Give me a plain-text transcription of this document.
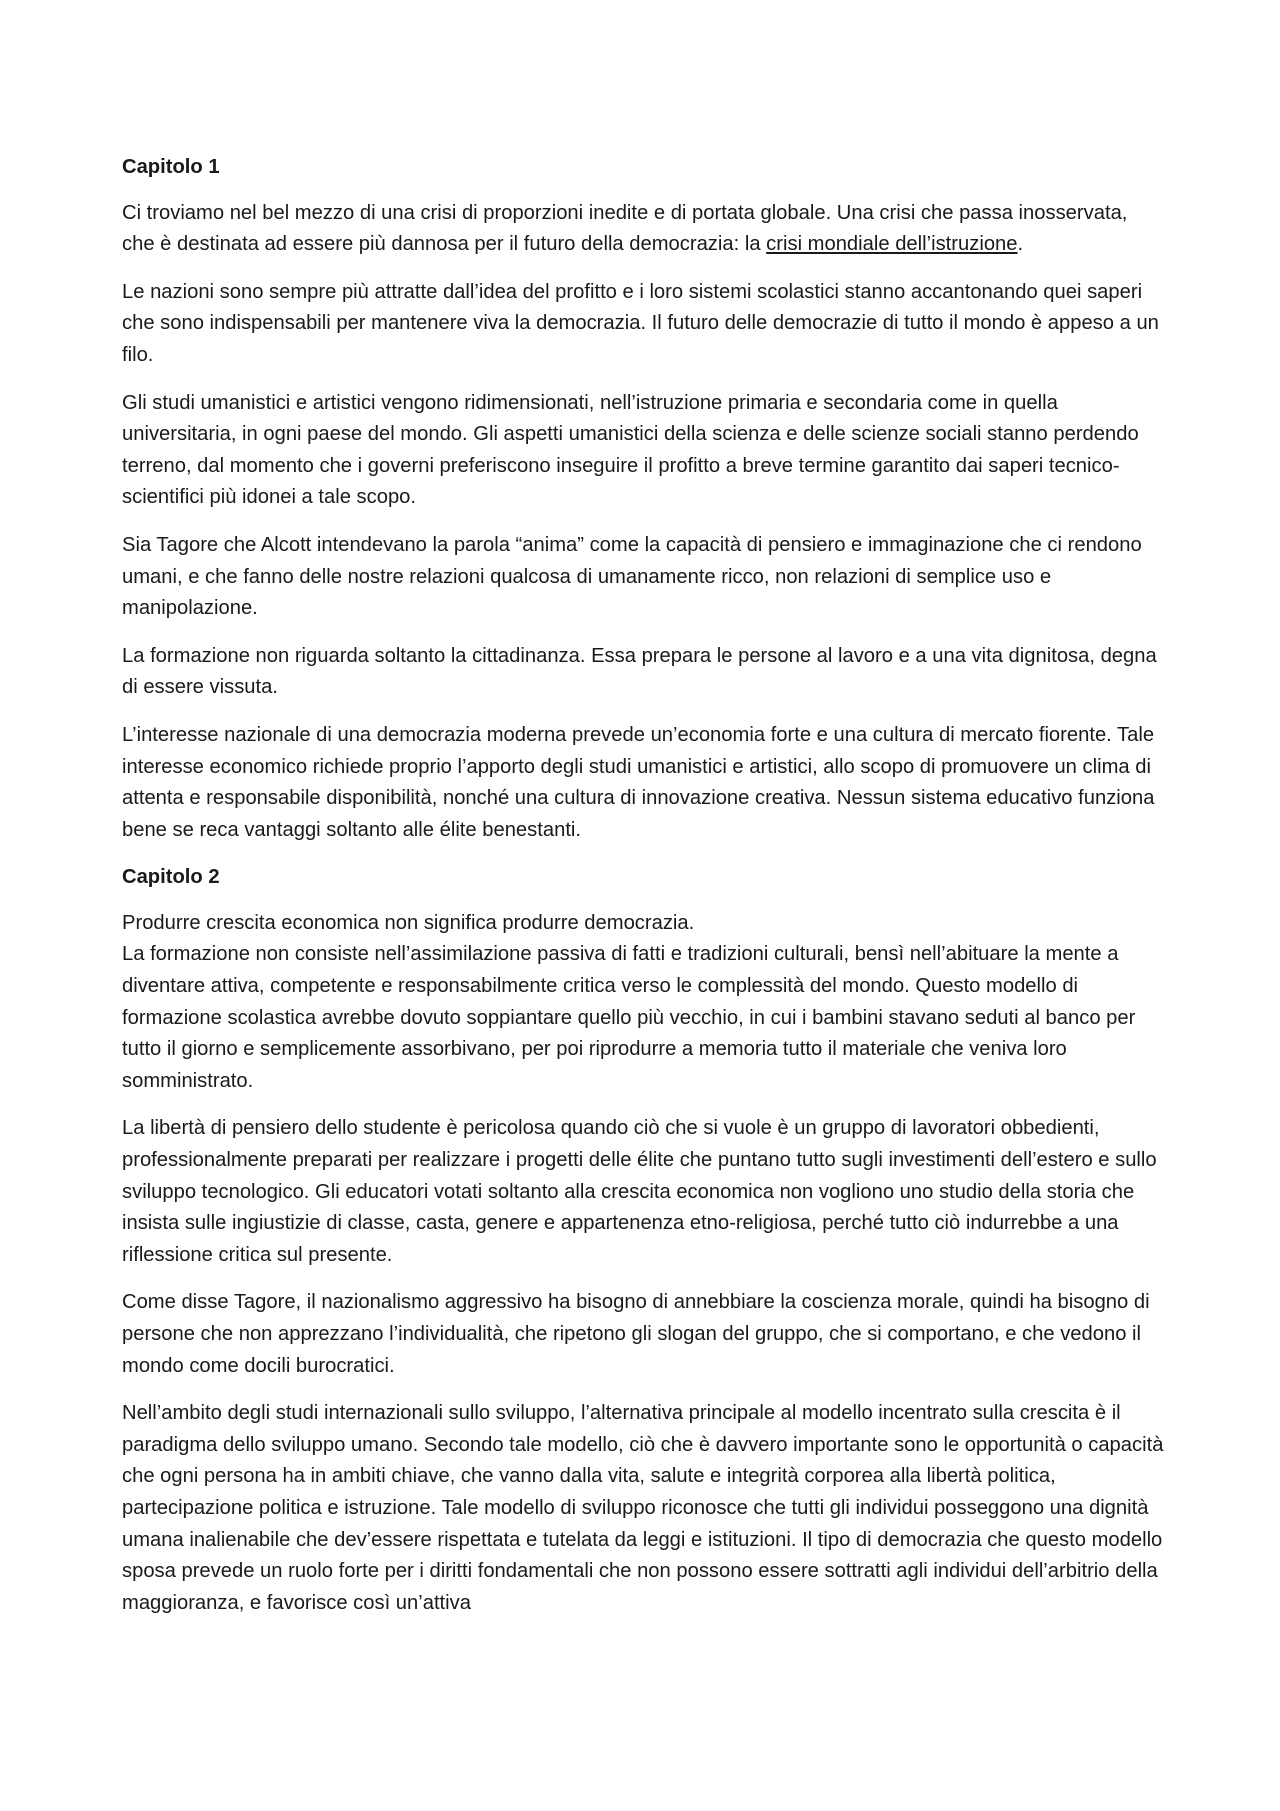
Capitolo 1

Ci troviamo nel bel mezzo di una crisi di proporzioni inedite e di portata globale. Una crisi che passa inosservata, che è destinata ad essere più dannosa per il futuro della democrazia: la crisi mondiale dell’istruzione.

Le nazioni sono sempre più attratte dall’idea del profitto e i loro sistemi scolastici stanno accantonando quei saperi che sono indispensabili per mantenere viva la democrazia. Il futuro delle democrazie di tutto il mondo è appeso a un filo.

Gli studi umanistici e artistici vengono ridimensionati, nell’istruzione primaria e secondaria come in quella universitaria, in ogni paese del mondo. Gli aspetti umanistici della scienza e delle scienze sociali stanno perdendo terreno, dal momento che i governi preferiscono inseguire il profitto a breve termine garantito dai saperi tecnico-scientifici più idonei a tale scopo.

Sia Tagore che Alcott intendevano la parola “anima” come la capacità di pensiero e immaginazione che ci rendono umani, e che fanno delle nostre relazioni qualcosa di umanamente ricco, non relazioni di semplice uso e manipolazione.

La formazione non riguarda soltanto la cittadinanza. Essa prepara le persone al lavoro e a una vita dignitosa, degna di essere vissuta.

L’interesse nazionale di una democrazia moderna prevede un’economia forte e una cultura di mercato fiorente. Tale interesse economico richiede proprio l’apporto degli studi umanistici e artistici, allo scopo di promuovere un clima di attenta e responsabile disponibilità, nonché una cultura di innovazione creativa. Nessun sistema educativo funziona bene se reca vantaggi soltanto alle élite benestanti.

Capitolo 2

Produrre crescita economica non significa produrre democrazia.

La formazione non consiste nell’assimilazione passiva di fatti e tradizioni culturali, bensì nell’abituare la mente a diventare attiva, competente e responsabilmente critica verso le complessità del mondo. Questo modello di formazione scolastica avrebbe dovuto soppiantare quello più vecchio, in cui i bambini stavano seduti al banco per tutto il giorno e semplicemente assorbivano, per poi riprodurre a memoria tutto il materiale che veniva loro somministrato.

La libertà di pensiero dello studente è pericolosa quando ciò che si vuole è un gruppo di lavoratori obbedienti, professionalmente preparati per realizzare i progetti delle élite che puntano tutto sugli investimenti dell’estero e sullo sviluppo tecnologico. Gli educatori votati soltanto alla crescita economica non vogliono uno studio della storia che insista sulle ingiustizie di classe, casta, genere e appartenenza etno-religiosa, perché tutto ciò indurrebbe a una riflessione critica sul presente.

Come disse Tagore, il nazionalismo aggressivo ha bisogno di annebbiare la coscienza morale, quindi ha bisogno di persone che non apprezzano l’individualità, che ripetono gli slogan del gruppo, che si comportano, e che vedono il mondo come docili burocratici.

Nell’ambito degli studi internazionali sullo sviluppo, l’alternativa principale al modello incentrato sulla crescita è il paradigma dello sviluppo umano. Secondo tale modello, ciò che è davvero importante sono le opportunità o capacità che ogni persona ha in ambiti chiave, che vanno dalla vita, salute e integrità corporea alla libertà politica, partecipazione politica e istruzione. Tale modello di sviluppo riconosce che tutti gli individui posseggono una dignità umana inalienabile che dev’essere rispettata e tutelata da leggi e istituzioni. Il tipo di democrazia che questo modello sposa prevede un ruolo forte per i diritti fondamentali che non possono essere sottratti agli individui dell’arbitrio della maggioranza, e favorisce così un’attiva
